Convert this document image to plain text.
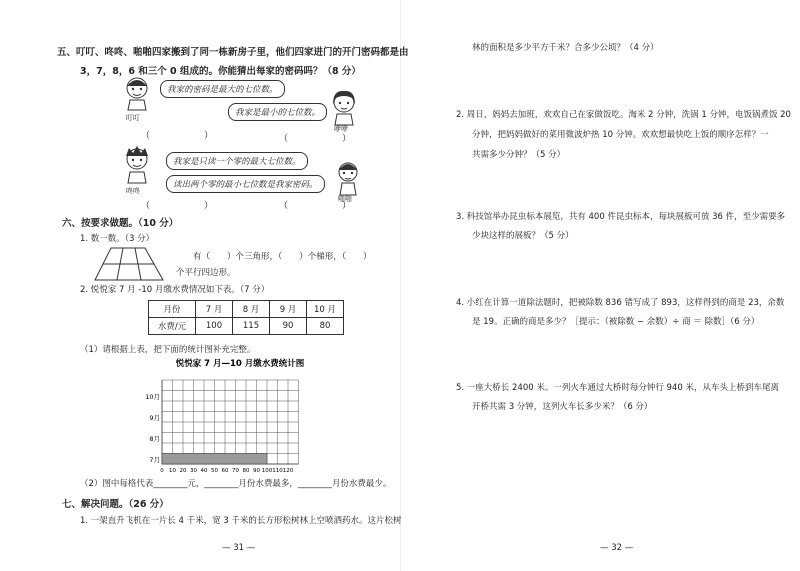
五、叮叮、咚咚、啪啪四家搬到了同一栋新房子里，他们四家进门的开门密码都是由
3，7，8，6 和三个 0 组成的。你能猜出每家的密码吗？（8 分）
叮叮
我家的密码是最大的七位数。
（　　　　　　）
我家是最小的七位数。
咿咿
（　　　　　　）
咚咚
我家是只读一个零的最大七位数。
（　　　　　　）
读出两个零的最小七位数是我家密码。
啪啪
（　　　　　　）
六、按要求做题。（10 分）
1. 数一数。（3 分）
有（　　）个三角形，（　　）个梯形，（　　）
个平行四边形。
2. 悦悦家 7 月 -10 月缴水费情况如下表。（7 分）
月份	7 月	8 月	9 月	10 月
水费/元	100	115	90	80
（1）请根据上表，把下面的统计图补充完整。
悦悦家 7 月—10 月缴水费统计图
7月
8月
9月
10月
0 10 20 30 40 50 60 70 80 90 100 110 120
（2）图中每格代表________元，________月份水费最多，________月份水费最少。
七、解决问题。（26 分）
1. 一架直升飞机在一片长 4 千米，宽 3 千米的长方形松树林上空喷洒药水。这片松树
— 31 —
林的面积是多少平方千米？合多少公顷？（4 分）
2. 周日，妈妈去加班，欢欢自己在家做饭吃。淘米 2 分钟，洗锅 1 分钟，电饭锅煮饭 20
分钟，把妈妈做好的菜用微波炉热 10 分钟。欢欢想最快吃上饭的顺序怎样？一
共需多少分钟？（5 分）
3. 科技馆举办昆虫标本展览，共有 400 件昆虫标本，每块展板可放 36 件，至少需要多
少块这样的展板？（5 分）
4. 小红在计算一道除法题时，把被除数 836 错写成了 893，这样得到的商是 23，余数
是 19。正确的商是多少？［提示：（被除数 − 余数）÷ 商 ＝ 除数］（6 分）
5. 一座大桥长 2400 米。一列火车通过大桥时每分钟行 940 米，从车头上桥到车尾离
开桥共需 3 分钟，这列火车长多少米？（6 分）
— 32 —
